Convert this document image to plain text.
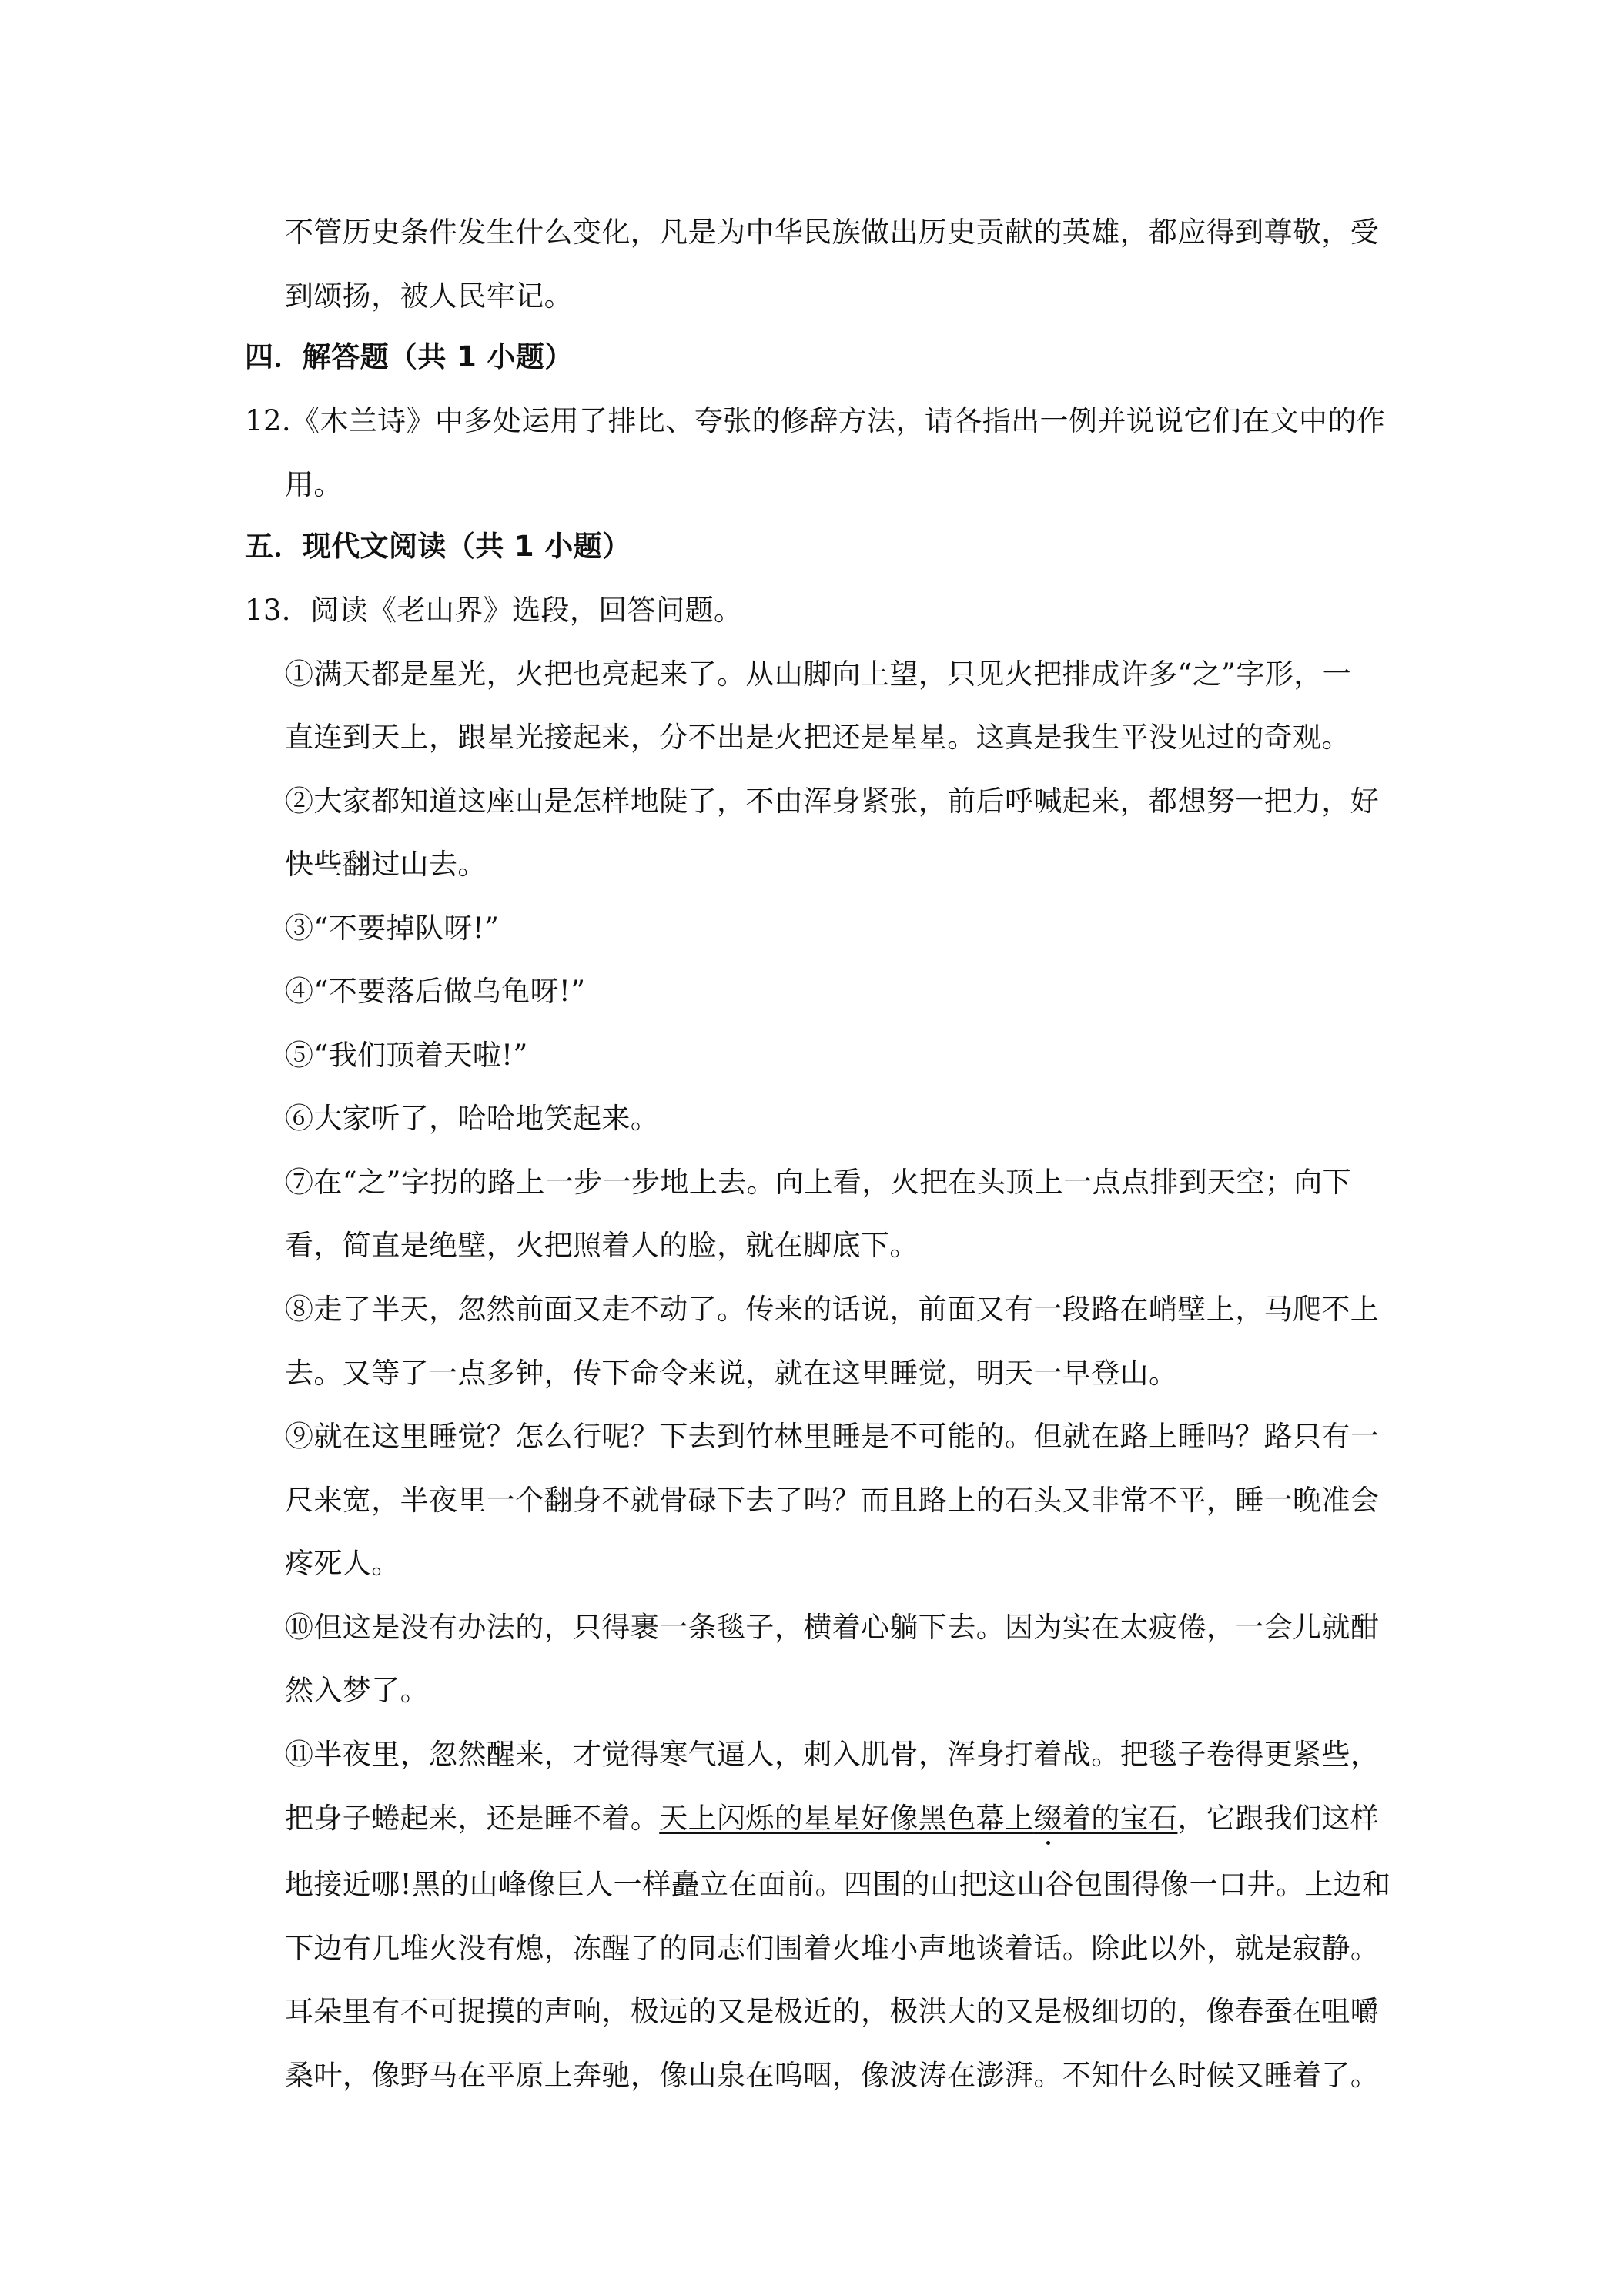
不管历史条件发生什么变化，凡是为中华民族做出历史贡献的英雄，都应得到尊敬，受
到颂扬，被人民牢记。
四．解答题（共 1 小题）
12.《木兰诗》中多处运用了排比、夸张的修辞方法，请各指出一例并说说它们在文中的作
用。
五．现代文阅读（共 1 小题）
13．阅读《老山界》选段，回答问题。
①满天都是星光，火把也亮起来了。从山脚向上望，只见火把排成许多“之”字形，一
直连到天上，跟星光接起来，分不出是火把还是星星。这真是我生平没见过的奇观。
②大家都知道这座山是怎样地陡了，不由浑身紧张，前后呼喊起来，都想努一把力，好
快些翻过山去。
③“不要掉队呀!”
④“不要落后做乌龟呀!”
⑤“我们顶着天啦!”
⑥大家听了，哈哈地笑起来。
⑦在“之”字拐的路上一步一步地上去。向上看，火把在头顶上一点点排到天空；向下
看，简直是绝壁，火把照着人的脸，就在脚底下。
⑧走了半天，忽然前面又走不动了。传来的话说，前面又有一段路在峭壁上，马爬不上
去。又等了一点多钟，传下命令来说，就在这里睡觉，明天一早登山。
⑨就在这里睡觉？怎么行呢？下去到竹林里睡是不可能的。但就在路上睡吗？路只有一
尺来宽，半夜里一个翻身不就骨碌下去了吗？而且路上的石头又非常不平，睡一晚准会
疼死人。
⑩但这是没有办法的，只得裹一条毯子，横着心躺下去。因为实在太疲倦，一会儿就酣
然入梦了。
⑪半夜里，忽然醒来，才觉得寒气逼人，刺入肌骨，浑身打着战。把毯子卷得更紧些，
把身子蜷起来，还是睡不着。天上闪烁的星星好像黑色幕上缀着的宝石，它跟我们这样
地接近哪!黑的山峰像巨人一样矗立在面前。四围的山把这山谷包围得像一口井。上边和
下边有几堆火没有熄，冻醒了的同志们围着火堆小声地谈着话。除此以外，就是寂静。
耳朵里有不可捉摸的声响，极远的又是极近的，极洪大的又是极细切的，像春蚕在咀嚼
桑叶，像野马在平原上奔驰，像山泉在呜咽，像波涛在澎湃。不知什么时候又睡着了。
